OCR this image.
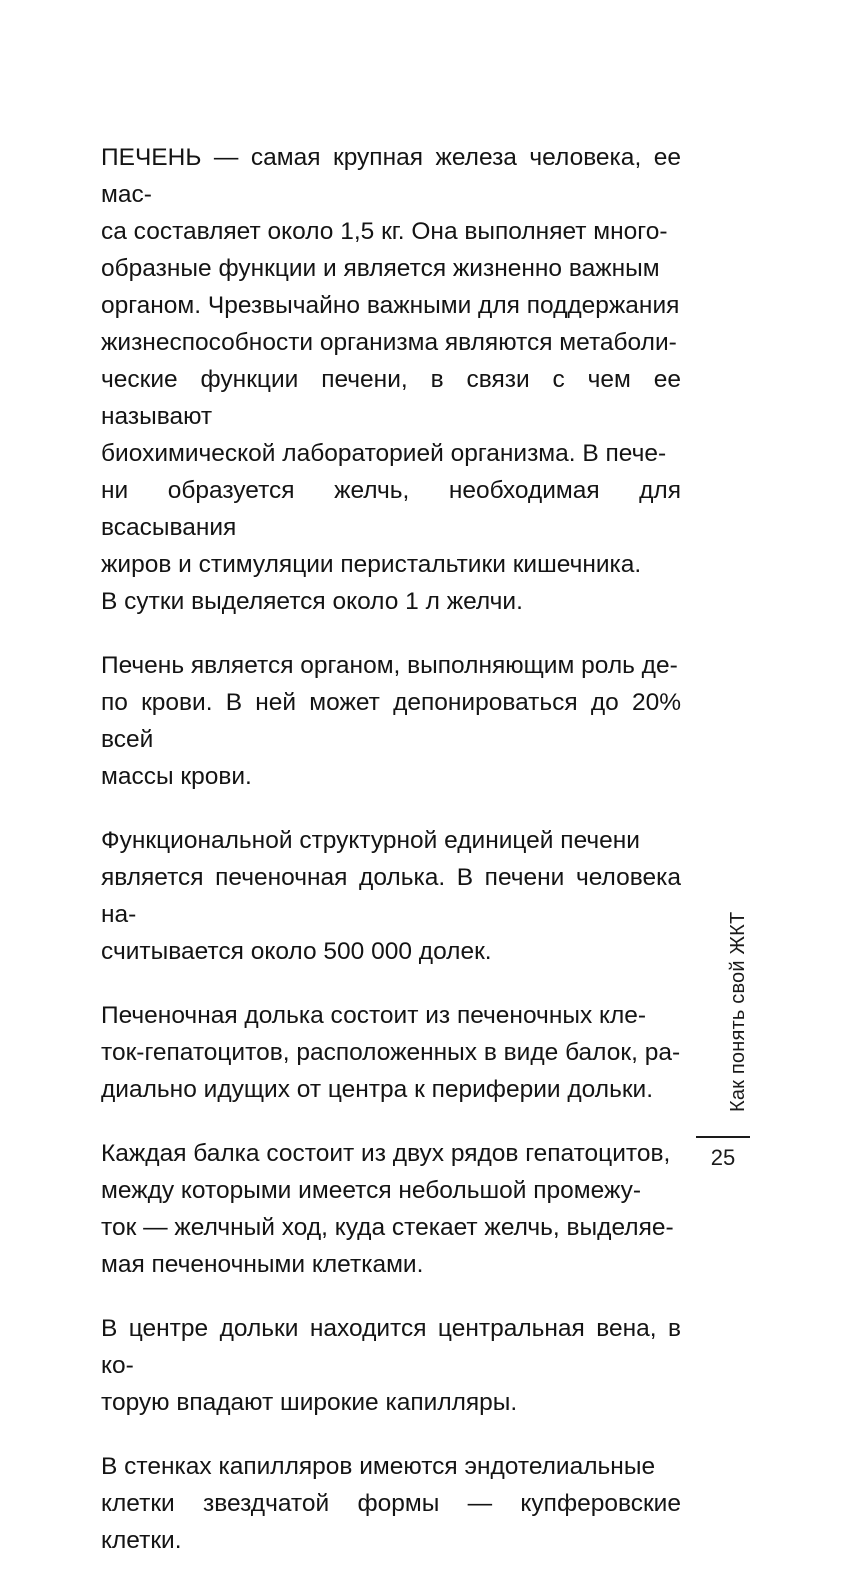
ПЕЧЕНЬ — самая крупная железа человека, ее мас-
са составляет около 1,5 кг. Она выполняет много-
образные функции и является жизненно важным
органом. Чрезвычайно важными для поддержания
жизнеспособности организма являются метаболи-
ческие функции печени, в связи с чем ее называют
биохимической лабораторией организма. В пече-
ни образуется желчь, необходимая для всасывания
жиров и стимуляции перистальтики кишечника.
В сутки выделяется около 1 л желчи.

Печень является органом, выполняющим роль де-
по крови. В ней может депонироваться до 20% всей
массы крови.

Функциональной структурной единицей печени
является печеночная долька. В печени человека на-
считывается около 500 000 долек.

Печеночная долька состоит из печеночных кле-
ток-гепатоцитов, расположенных в виде балок, ра-
диально идущих от центра к периферии дольки.

Каждая балка состоит из двух рядов гепатоцитов,
между которыми имеется небольшой промежу-
ток — желчный ход, куда стекает желчь, выделяе-
мая печеночными клетками.

В центре дольки находится центральная вена, в ко-
торую впадают широкие капилляры.

В стенках капилляров имеются эндотелиальные
клетки звездчатой формы — купферовские клетки.

Как понять свой ЖКТ
25
